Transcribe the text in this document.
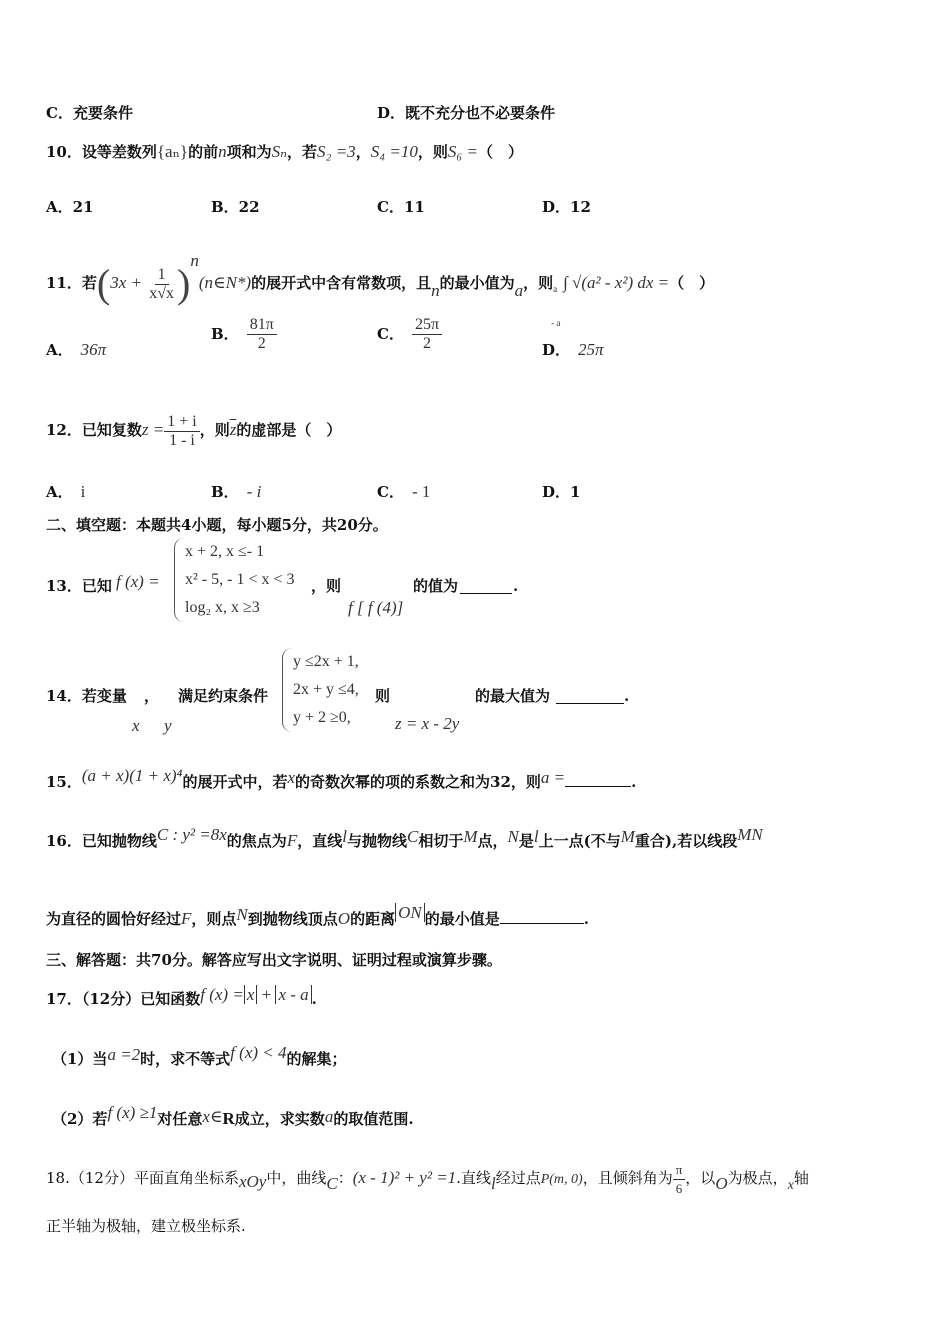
C．充要条件	D．既不充分也不必要条件
10．设等差数列{aₙ}的前n项和为Sₙ，若S₂ =3，S₄ =10，则S₆ =（　）
A．21	B．22	C．11	D．12
11．若($3x + \frac{1}{x√x}$ )$^n(n\in N*)$的展开式中含有常数项，且n的最小值为a，则 a
- a
∫ √(a² - x²) dx =（　）
A． 36π
B． $\frac{81\pi}{2}$	C． $\frac{25\pi}{2}$	D． 25π
12．已知复数$z = \frac{1 + i}{1 - i}$ ，则$\overline{z}$的虚部是（　）
A． i	B． - i	C． - 1	D．1
二、填空题：本题共4小题，每小题5分，共20分。
13．已知 f (x) =
x + 2, x ≤- 1
x² - 5, - 1 < x < 3
log₂ x, x ≥3
，则
f [ f (4)]
的值为	.
14．若变量
x
，
y
满足约束条件
y ≤2x + 1,
2x + y ≤4,
y + 2 ≥0,
则
z = x - 2y
的最大值为	.
15．(a + x)(1 + x)⁴的展开式中，若x的奇数次幂的项的系数之和为32，则a =	.
16．已知抛物线C : y² =8x的焦点为F，直线l与抛物线C相切于M点，N是l上一点(不与M重合),若以线段MN
为直径的圆恰好经过F，则点N到抛物线顶点O的距离 ON 的最小值是	.
三、解答题：共70分。解答应写出文字说明、证明过程或演算步骤。
17．（12分）已知函数f (x) = x + x - a .
（1）当a =2时，求不等式f (x) < 4的解集；
（2）若f (x) ≥1对任意x∈R成立，求实数a的取值范围.
18.（12分）平面直角坐标系xOy中，曲线C：(x - 1)² + y² =1.直线l经过点P(m, 0)，且倾斜角为 $\frac{\pi}{6}$ ，以O为极点，x轴
正半轴为极轴，建立极坐标系.
